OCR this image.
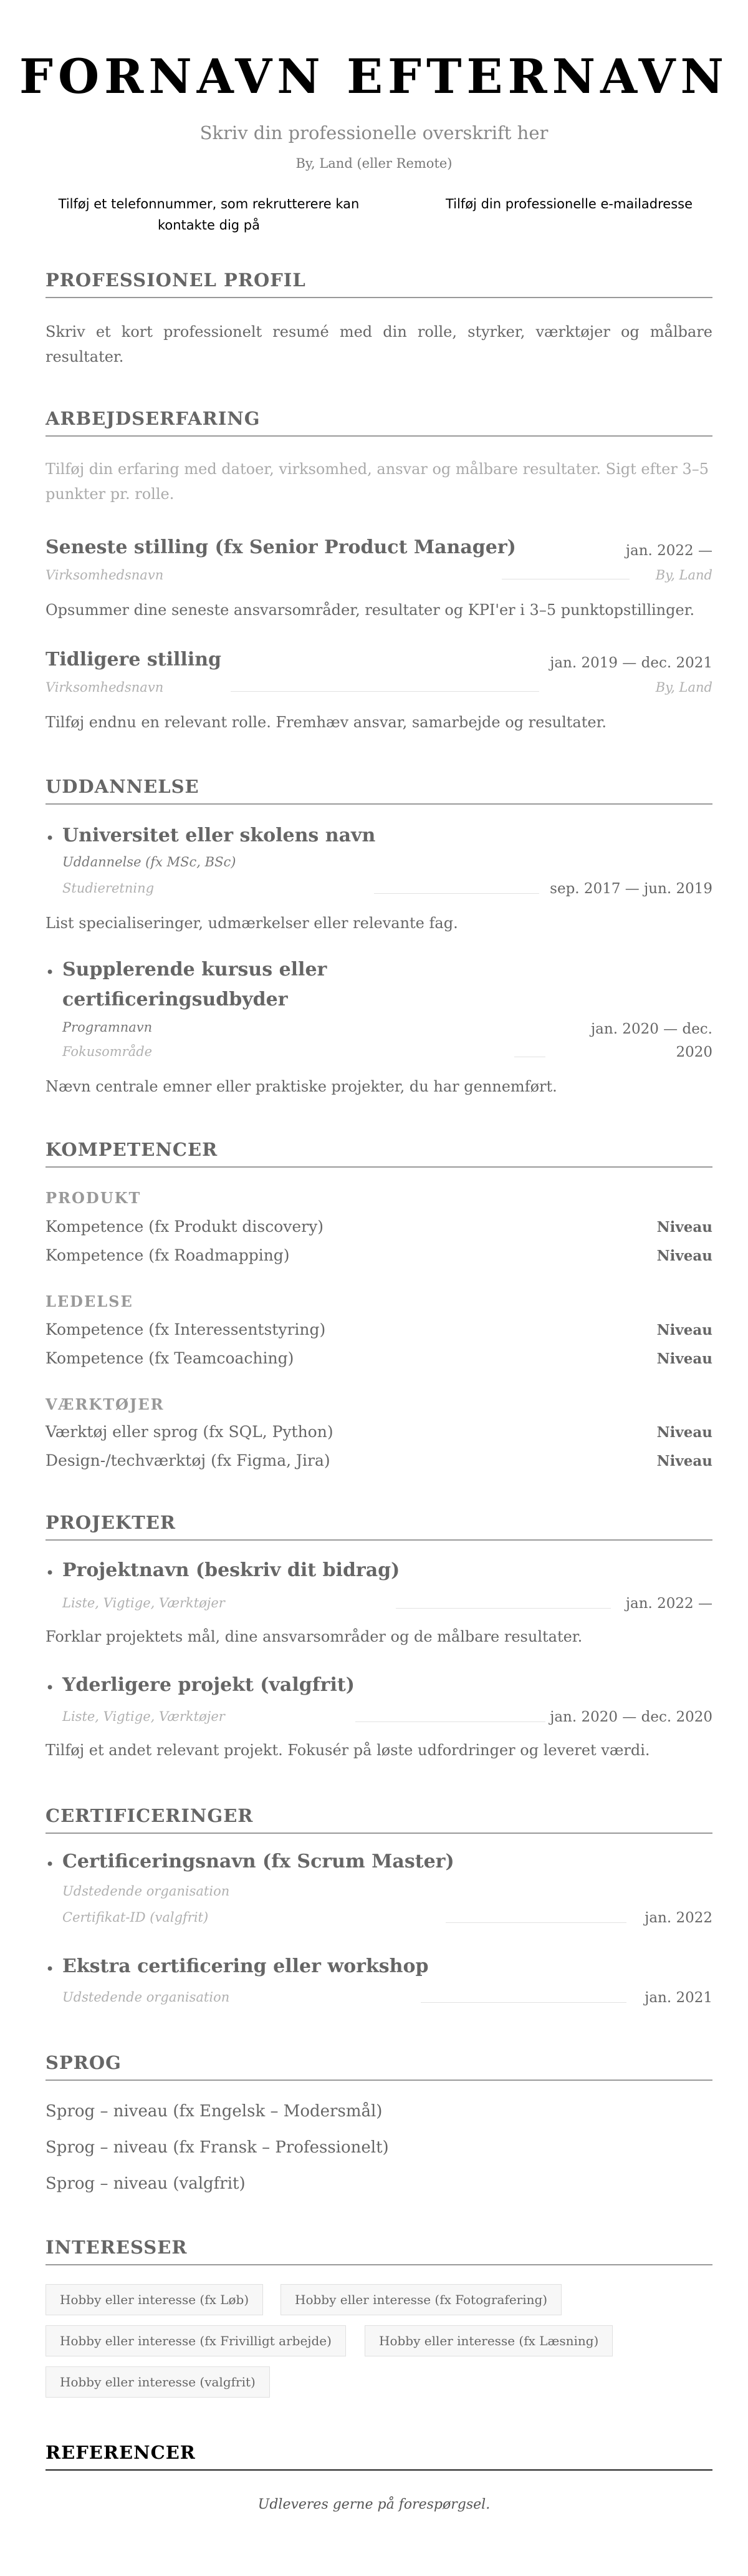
FORNAVN EFTERNAVN
Skriv din professionelle overskrift her
By, Land (eller Remote)
Tilføj et telefonnummer, som rekrutterere kan kontakte dig på
Tilføj din professionelle e-mailadresse
PROFESSIONEL PROFIL
Skriv et kort professionelt resumé med din rolle, styrker, værktøjer og målbare resultater.
ARBEJDSERFARING
Tilføj din erfaring med datoer, virksomhed, ansvar og målbare resultater. Sigt efter 3–5 punkter pr. rolle.
Seneste stilling (fx Senior Product Manager)	jan. 2022 —
Virksomhedsnavn	By, Land
Opsummer dine seneste ansvarsområder, resultater og KPI'er i 3–5 punktopstillinger.
Tidligere stilling	jan. 2019 — dec. 2021
Virksomhedsnavn	By, Land
Tilføj endnu en relevant rolle. Fremhæv ansvar, samarbejde og resultater.
UDDANNELSE
• Universitet eller skolens navn
Uddannelse (fx MSc, BSc)
Studieretning	sep. 2017 — jun. 2019
List specialiseringer, udmærkelser eller relevante fag.
• Supplerende kursus eller
certificeringsudbyder
Programnavn	jan. 2020 — dec.
Fokusområde	2020
Nævn centrale emner eller praktiske projekter, du har gennemført.
KOMPETENCER
PRODUKT
Kompetence (fx Produkt discovery)	Niveau
Kompetence (fx Roadmapping)	Niveau
LEDELSE
Kompetence (fx Interessentstyring)	Niveau
Kompetence (fx Teamcoaching)	Niveau
VÆRKTØJER
Værktøj eller sprog (fx SQL, Python)	Niveau
Design-/techværktøj (fx Figma, Jira)	Niveau
PROJEKTER
• Projektnavn (beskriv dit bidrag)
Liste, Vigtige, Værktøjer	jan. 2022 —
Forklar projektets mål, dine ansvarsområder og de målbare resultater.
• Yderligere projekt (valgfrit)
Liste, Vigtige, Værktøjer	jan. 2020 — dec. 2020
Tilføj et andet relevant projekt. Fokusér på løste udfordringer og leveret værdi.
CERTIFICERINGER
• Certificeringsnavn (fx Scrum Master)
Udstedende organisation
Certifikat-ID (valgfrit)	jan. 2022
• Ekstra certificering eller workshop
Udstedende organisation	jan. 2021
SPROG
Sprog – niveau (fx Engelsk – Modersmål)
Sprog – niveau (fx Fransk – Professionelt)
Sprog – niveau (valgfrit)
INTERESSER
Hobby eller interesse (fx Løb)	Hobby eller interesse (fx Fotografering)
Hobby eller interesse (fx Frivilligt arbejde)	Hobby eller interesse (fx Læsning)
Hobby eller interesse (valgfrit)
REFERENCER
Udleveres gerne på forespørgsel.
